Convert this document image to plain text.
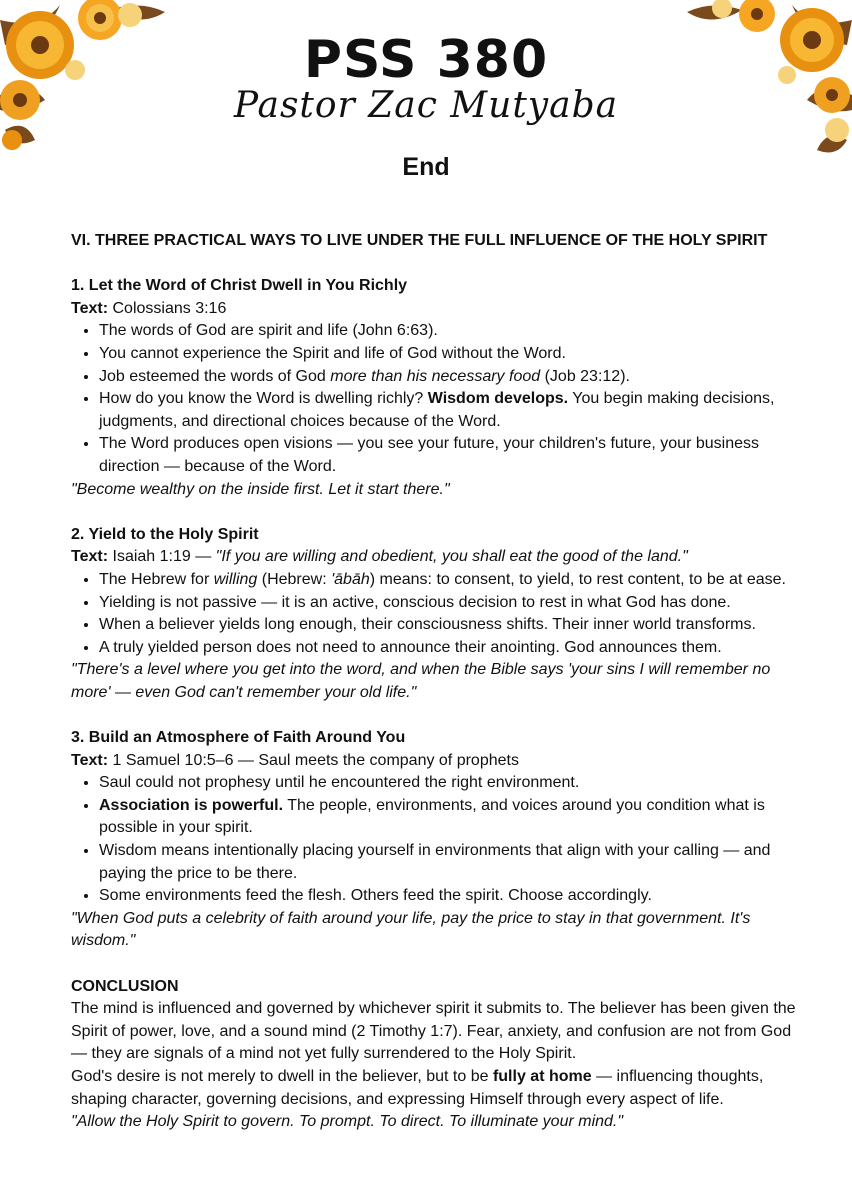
PSS 380
Pastor Zac Mutyaba
End

VI. THREE PRACTICAL WAYS TO LIVE UNDER THE FULL INFLUENCE OF THE HOLY SPIRIT

1. Let the Word of Christ Dwell in You Richly

Text: Colossians 3:16

• The words of God are spirit and life (John 6:63).
• You cannot experience the Spirit and life of God without the Word.
• Job esteemed the words of God more than his necessary food (Job 23:12).
• How do you know the Word is dwelling richly? Wisdom develops. You begin making decisions, judgments, and directional choices because of the Word.
• The Word produces open visions — you see your future, your children's future, your business direction — because of the Word.

"Become wealthy on the inside first. Let it start there."

2. Yield to the Holy Spirit

Text: Isaiah 1:19 — "If you are willing and obedient, you shall eat the good of the land."

• The Hebrew for willing (Hebrew: 'ābāh) means: to consent, to yield, to rest content, to be at ease.
• Yielding is not passive — it is an active, conscious decision to rest in what God has done.
• When a believer yields long enough, their consciousness shifts. Their inner world transforms.
• A truly yielded person does not need to announce their anointing. God announces them.

"There's a level where you get into the word, and when the Bible says 'your sins I will remember no more' — even God can't remember your old life."

3. Build an Atmosphere of Faith Around You

Text: 1 Samuel 10:5–6 — Saul meets the company of prophets

• Saul could not prophesy until he encountered the right environment.
• Association is powerful. The people, environments, and voices around you condition what is possible in your spirit.
• Wisdom means intentionally placing yourself in environments that align with your calling — and paying the price to be there.
• Some environments feed the flesh. Others feed the spirit. Choose accordingly.

"When God puts a celebrity of faith around your life, pay the price to stay in that government. It's wisdom."

CONCLUSION

The mind is influenced and governed by whichever spirit it submits to. The believer has been given the Spirit of power, love, and a sound mind (2 Timothy 1:7). Fear, anxiety, and confusion are not from God — they are signals of a mind not yet fully surrendered to the Holy Spirit.

God's desire is not merely to dwell in the believer, but to be fully at home — influencing thoughts, shaping character, governing decisions, and expressing Himself through every aspect of life.

"Allow the Holy Spirit to govern. To prompt. To direct. To illuminate your mind."
